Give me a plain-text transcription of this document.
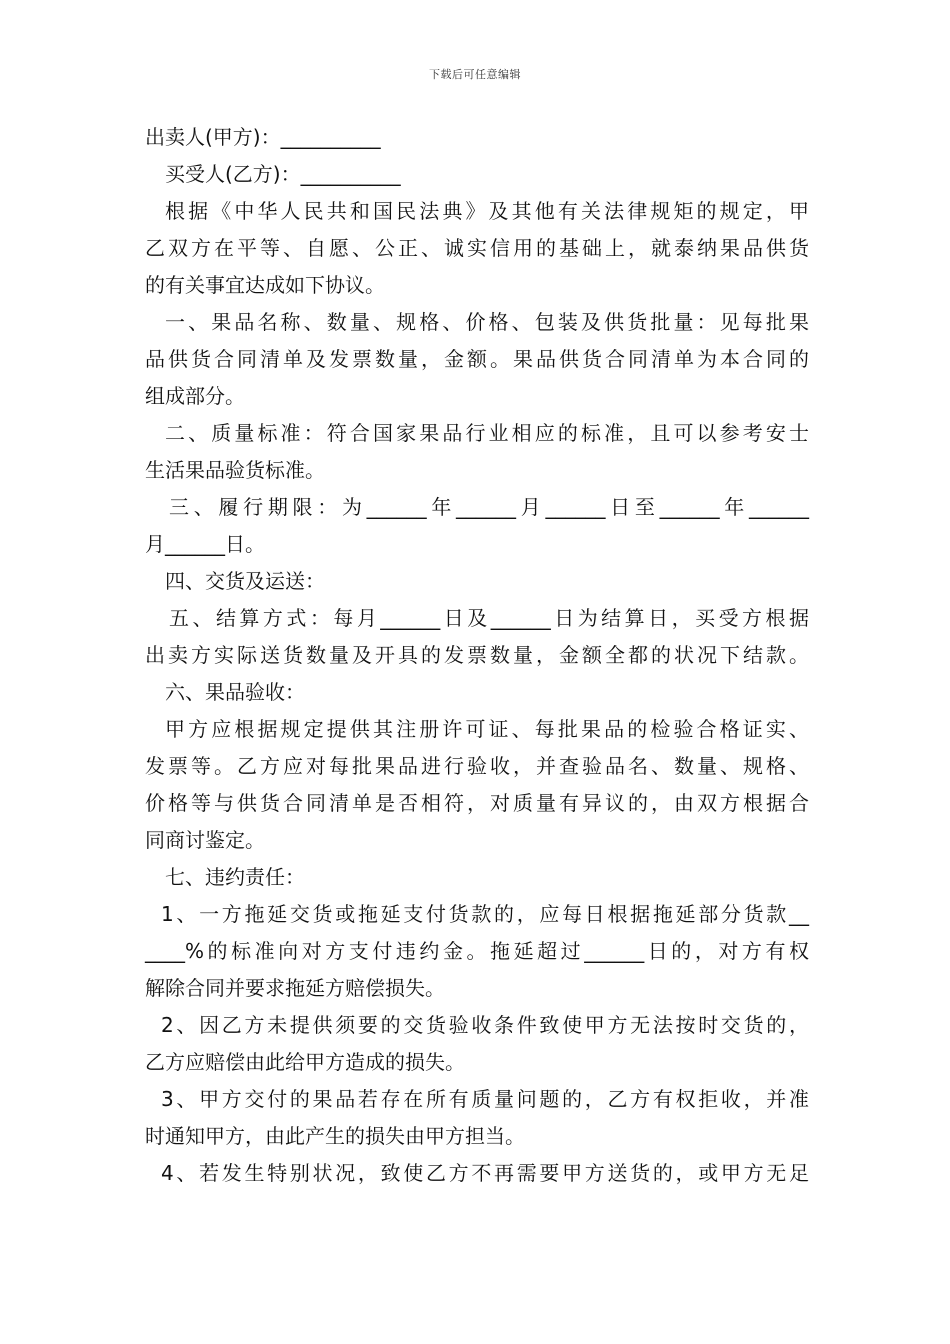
下载后可任意编辑
出卖人(甲方)：__________
买受人(乙方)：__________
根据《中华人民共和国民法典》及其他有关法律规矩的规定，甲
乙双方在平等、自愿、公正、诚实信用的基础上，就泰纳果品供货
的有关事宜达成如下协议。
一、果品名称、数量、规格、价格、包装及供货批量：见每批果
品供货合同清单及发票数量，金额。果品供货合同清单为本合同的
组成部分。
二、质量标准：符合国家果品行业相应的标准，且可以参考安士
生活果品验货标准。
三、履行期限：为______年______月______日至______年______
月______日。
四、交货及运送：
五、结算方式：每月______日及______日为结算日，买受方根据
出卖方实际送货数量及开具的发票数量，金额全都的状况下结款。
六、果品验收：
甲方应根据规定提供其注册许可证、每批果品的检验合格证实、
发票等。乙方应对每批果品进行验收，并查验品名、数量、规格、
价格等与供货合同清单是否相符，对质量有异议的，由双方根据合
同商讨鉴定。
七、违约责任：
1、一方拖延交货或拖延支付货款的，应每日根据拖延部分货款__
____%的标准向对方支付违约金。拖延超过______日的，对方有权
解除合同并要求拖延方赔偿损失。
2、因乙方未提供须要的交货验收条件致使甲方无法按时交货的，
乙方应赔偿由此给甲方造成的损失。
3、甲方交付的果品若存在所有质量问题的，乙方有权拒收，并准
时通知甲方，由此产生的损失由甲方担当。
4、若发生特别状况，致使乙方不再需要甲方送货的，或甲方无足
